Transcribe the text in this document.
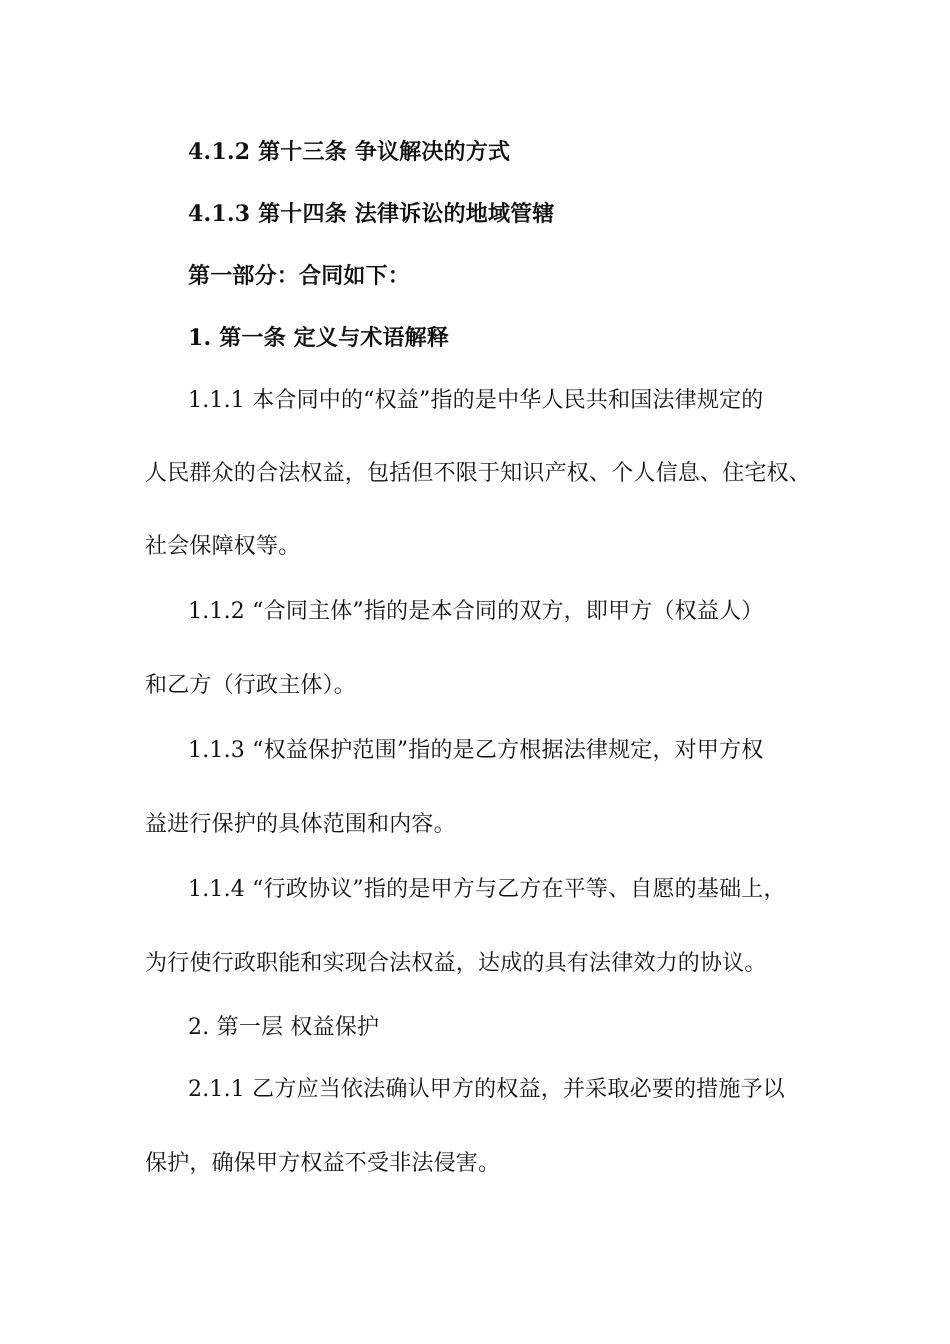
4.1.2 第十三条 争议解决的方式
4.1.3 第十四条 法律诉讼的地域管辖
第一部分：合同如下：
1. 第一条 定义与术语解释
1.1.1 本合同中的“权益”指的是中华人民共和国法律规定的
人民群众的合法权益，包括但不限于知识产权、个人信息、住宅权、
社会保障权等。
1.1.2 “合同主体”指的是本合同的双方，即甲方（权益人）
和乙方（行政主体）。
1.1.3 “权益保护范围”指的是乙方根据法律规定，对甲方权
益进行保护的具体范围和内容。
1.1.4 “行政协议”指的是甲方与乙方在平等、自愿的基础上，
为行使行政职能和实现合法权益，达成的具有法律效力的协议。
2. 第一层 权益保护
2.1.1 乙方应当依法确认甲方的权益，并采取必要的措施予以
保护，确保甲方权益不受非法侵害。
